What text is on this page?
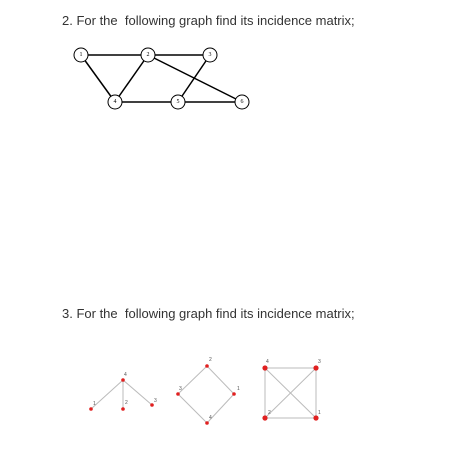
2. For the  following graph find its incidence matrix;
1	2	3
4	5	6
3. For the  following graph find its incidence matrix;
4
1	2	3
2
3	1
4
4	3
2	1
